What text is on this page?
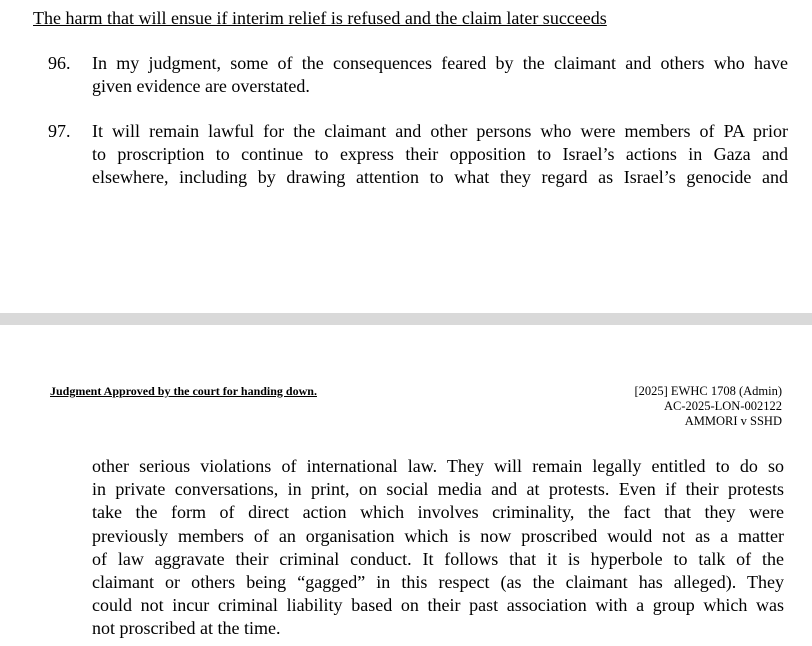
The harm that will ensue if interim relief is refused and the claim later succeeds
96. In my judgment, some of the consequences feared by the claimant and others who have
given evidence are overstated.
97. It will remain lawful for the claimant and other persons who were members of PA prior
to proscription to continue to express their opposition to Israel’s actions in Gaza and
elsewhere, including by drawing attention to what they regard as Israel’s genocide and
Judgment Approved by the court for handing down.	[2025] EWHC 1708 (Admin)
AC-2025-LON-002122
AMMORI v SSHD
other serious violations of international law. They will remain legally entitled to do so
in private conversations, in print, on social media and at protests. Even if their protests
take the form of direct action which involves criminality, the fact that they were
previously members of an organisation which is now proscribed would not as a matter
of law aggravate their criminal conduct. It follows that it is hyperbole to talk of the
claimant or others being “gagged” in this respect (as the claimant has alleged). They
could not incur criminal liability based on their past association with a group which was
not proscribed at the time.
